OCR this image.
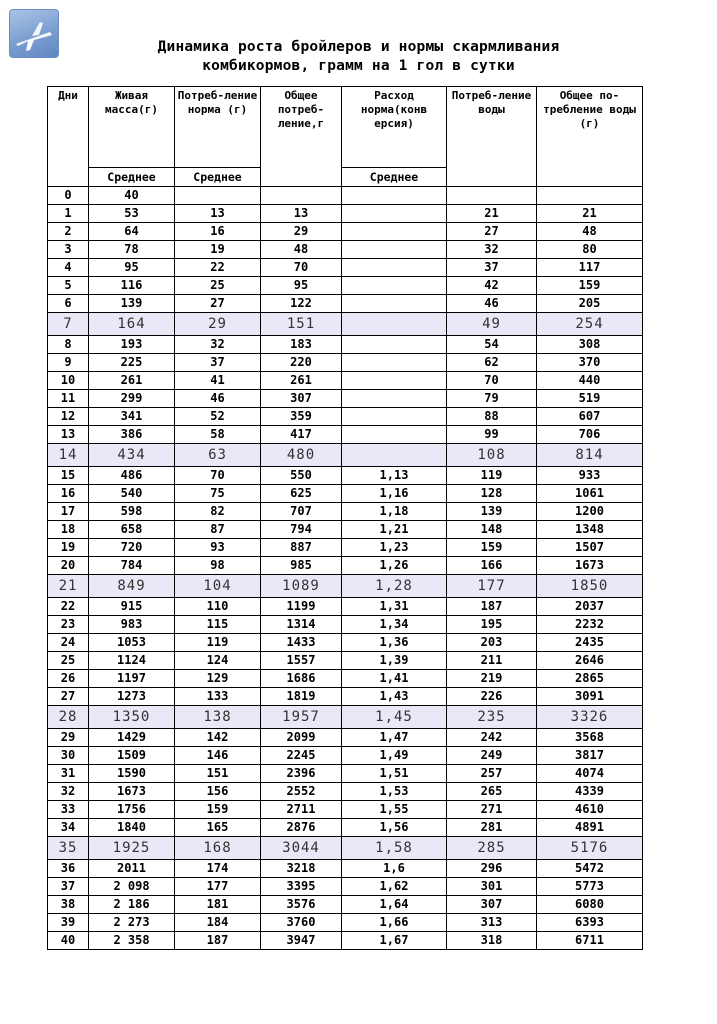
Динамика роста бройлеров и нормы скармливания
комбикормов, грамм на 1 гол в сутки
Дни	Живая масса(г)	Потреб-ление норма (г)	Общее потреб-ление,г	Расход норма(конв ерсия)	Потреб-ление воды	Общее по-требление воды (г)
	Среднее	Среднее		Среднее		
0	40					
1	53	13	13		21	21
2	64	16	29		27	48
3	78	19	48		32	80
4	95	22	70		37	117
5	116	25	95		42	159
6	139	27	122		46	205
7	164	29	151		49	254
8	193	32	183		54	308
9	225	37	220		62	370
10	261	41	261		70	440
11	299	46	307		79	519
12	341	52	359		88	607
13	386	58	417		99	706
14	434	63	480		108	814
15	486	70	550	1,13	119	933
16	540	75	625	1,16	128	1061
17	598	82	707	1,18	139	1200
18	658	87	794	1,21	148	1348
19	720	93	887	1,23	159	1507
20	784	98	985	1,26	166	1673
21	849	104	1089	1,28	177	1850
22	915	110	1199	1,31	187	2037
23	983	115	1314	1,34	195	2232
24	1053	119	1433	1,36	203	2435
25	1124	124	1557	1,39	211	2646
26	1197	129	1686	1,41	219	2865
27	1273	133	1819	1,43	226	3091
28	1350	138	1957	1,45	235	3326
29	1429	142	2099	1,47	242	3568
30	1509	146	2245	1,49	249	3817
31	1590	151	2396	1,51	257	4074
32	1673	156	2552	1,53	265	4339
33	1756	159	2711	1,55	271	4610
34	1840	165	2876	1,56	281	4891
35	1925	168	3044	1,58	285	5176
36	2011	174	3218	1,6	296	5472
37	2 098	177	3395	1,62	301	5773
38	2 186	181	3576	1,64	307	6080
39	2 273	184	3760	1,66	313	6393
40	2 358	187	3947	1,67	318	6711
